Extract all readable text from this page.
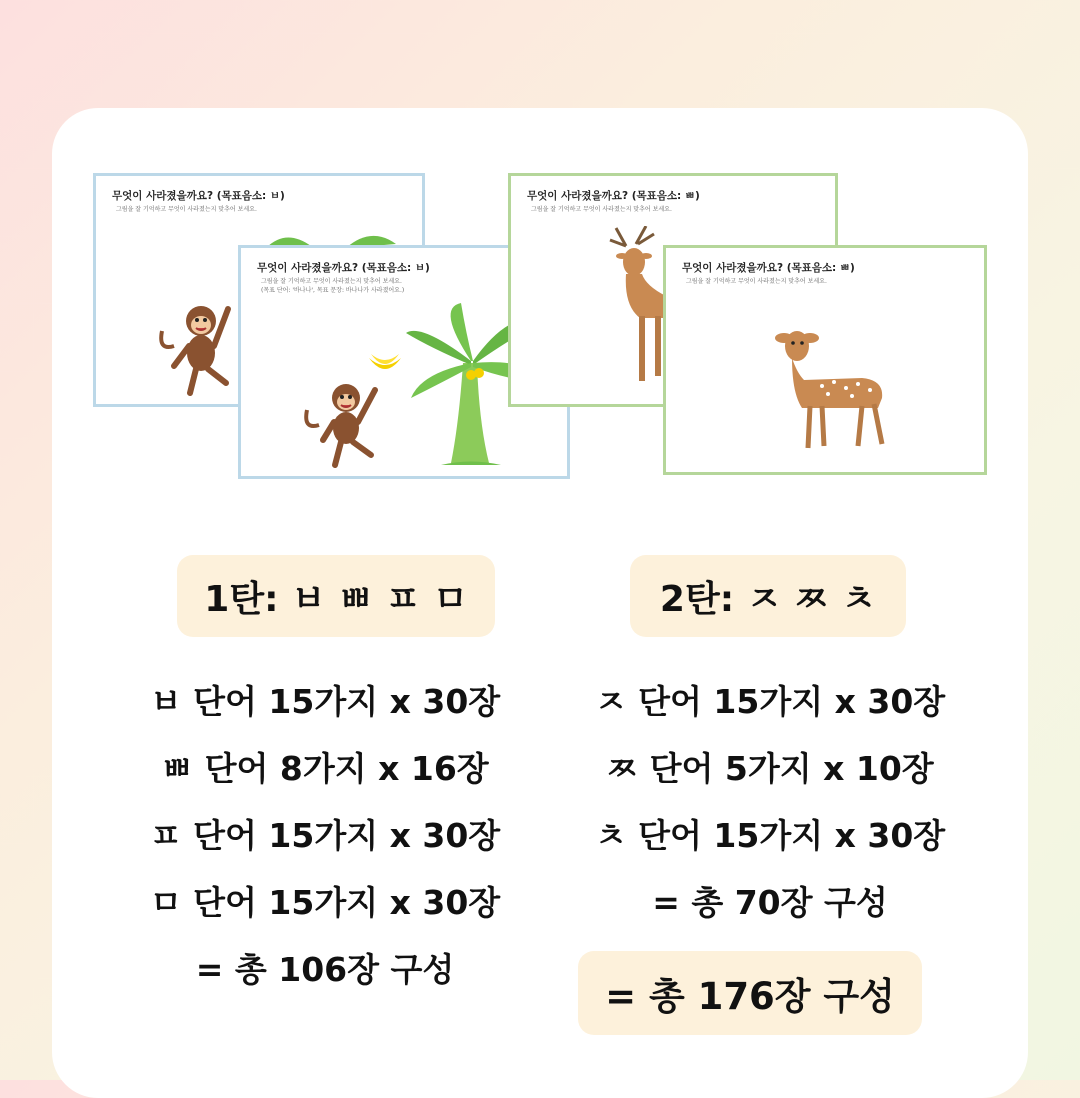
무엇이 사라졌을까요? (목표음소: ㅂ)
그림을 잘 기억하고 무엇이 사라졌는지 맞추어 보세요.
무엇이 사라졌을까요? (목표음소: ㅂ)
그림을 잘 기억하고 무엇이 사라졌는지 맞추어 보세요.
(목표 단어: '바나나', 목표 문장: 바나나가 사라졌어요.)
무엇이 사라졌을까요? (목표음소: ㅃ)
그림을 잘 기억하고 무엇이 사라졌는지 맞추어 보세요.
무엇이 사라졌을까요? (목표음소: ㅃ)
그림을 잘 기억하고 무엇이 사라졌는지 맞추어 보세요.
1탄: ㅂ ㅃ ㅍ ㅁ
ㅂ 단어 15가지 x 30장
ㅃ 단어 8가지 x 16장
ㅍ 단어 15가지 x 30장
ㅁ 단어 15가지 x 30장
= 총 106장 구성
2탄: ㅈ ㅉ ㅊ
ㅈ 단어 15가지 x 30장
ㅉ 단어 5가지 x 10장
ㅊ 단어 15가지 x 30장
= 총 70장 구성
= 총 176장 구성
